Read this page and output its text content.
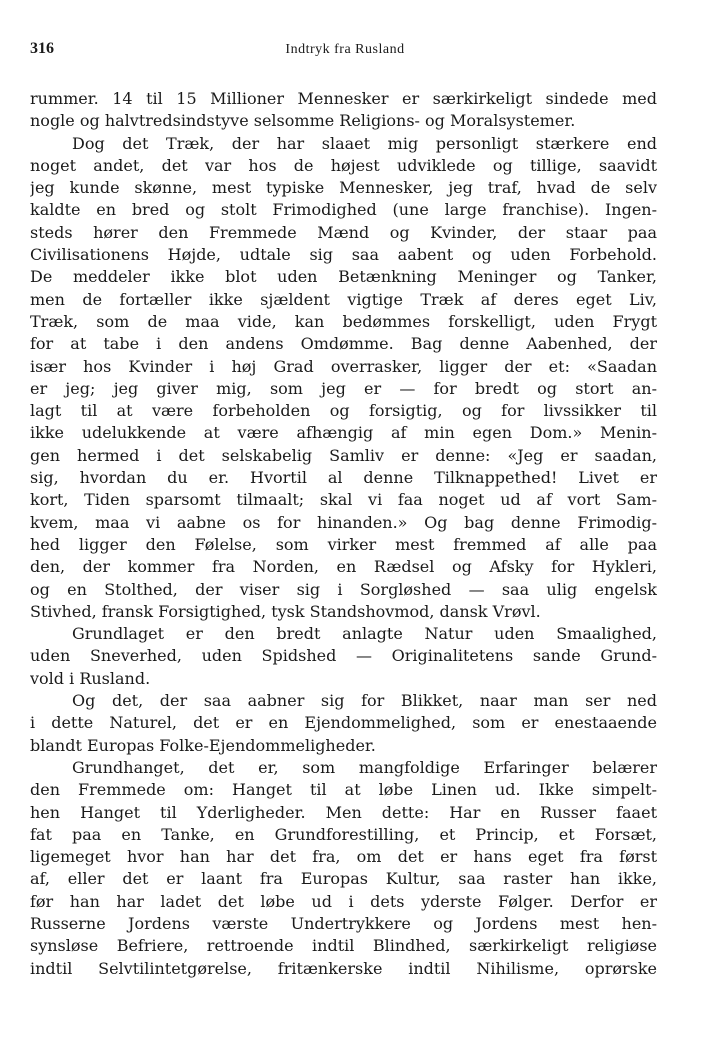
316	Indtryk fra Rusland
rummer. 14 til 15 Millioner Mennesker er særkirkeligt sindede med
nogle og halvtredsindstyve selsomme Religions- og Moralsystemer.
Dog det Træk, der har slaaet mig personligt stærkere end
noget andet, det var hos de højest udviklede og tillige, saavidt
jeg kunde skønne, mest typiske Mennesker, jeg traf, hvad de selv
kaldte en bred og stolt Frimodighed (une large franchise). Ingen-
steds hører den Fremmede Mænd og Kvinder, der staar paa
Civilisationens Højde, udtale sig saa aabent og uden Forbehold.
De meddeler ikke blot uden Betænkning Meninger og Tanker,
men de fortæller ikke sjældent vigtige Træk af deres eget Liv,
Træk, som de maa vide, kan bedømmes forskelligt, uden Frygt
for at tabe i den andens Omdømme. Bag denne Aabenhed, der
især hos Kvinder i høj Grad overrasker, ligger der et: «Saadan
er jeg; jeg giver mig, som jeg er — for bredt og stort an-
lagt til at være forbeholden og forsigtig, og for livssikker til
ikke udelukkende at være afhængig af min egen Dom.» Menin-
gen hermed i det selskabelig Samliv er denne: «Jeg er saadan,
sig, hvordan du er. Hvortil al denne Tilknappethed! Livet er
kort, Tiden sparsomt tilmaalt; skal vi faa noget ud af vort Sam-
kvem, maa vi aabne os for hinanden.» Og bag denne Frimodig-
hed ligger den Følelse, som virker mest fremmed af alle paa
den, der kommer fra Norden, en Rædsel og Afsky for Hykleri,
og en Stolthed, der viser sig i Sorgløshed — saa ulig engelsk
Stivhed, fransk Forsigtighed, tysk Standshovmod, dansk Vrøvl.
Grundlaget er den bredt anlagte Natur uden Smaalighed,
uden Sneverhed, uden Spidshed — Originalitetens sande Grund-
vold i Rusland.
Og det, der saa aabner sig for Blikket, naar man ser ned
i dette Naturel, det er en Ejendommelighed, som er enestaaende
blandt Europas Folke-Ejendommeligheder.
Grundhanget, det er, som mangfoldige Erfaringer belærer
den Fremmede om: Hanget til at løbe Linen ud. Ikke simpelt-
hen Hanget til Yderligheder. Men dette: Har en Russer faaet
fat paa en Tanke, en Grundforestilling, et Princip, et Forsæt,
ligemeget hvor han har det fra, om det er hans eget fra først
af, eller det er laant fra Europas Kultur, saa raster han ikke,
før han har ladet det løbe ud i dets yderste Følger. Derfor er
Russerne Jordens værste Undertrykkere og Jordens mest hen-
synsløse Befriere, rettroende indtil Blindhed, særkirkeligt religiøse
indtil Selvtilintetgørelse, fritænkerske indtil Nihilisme, oprørske
